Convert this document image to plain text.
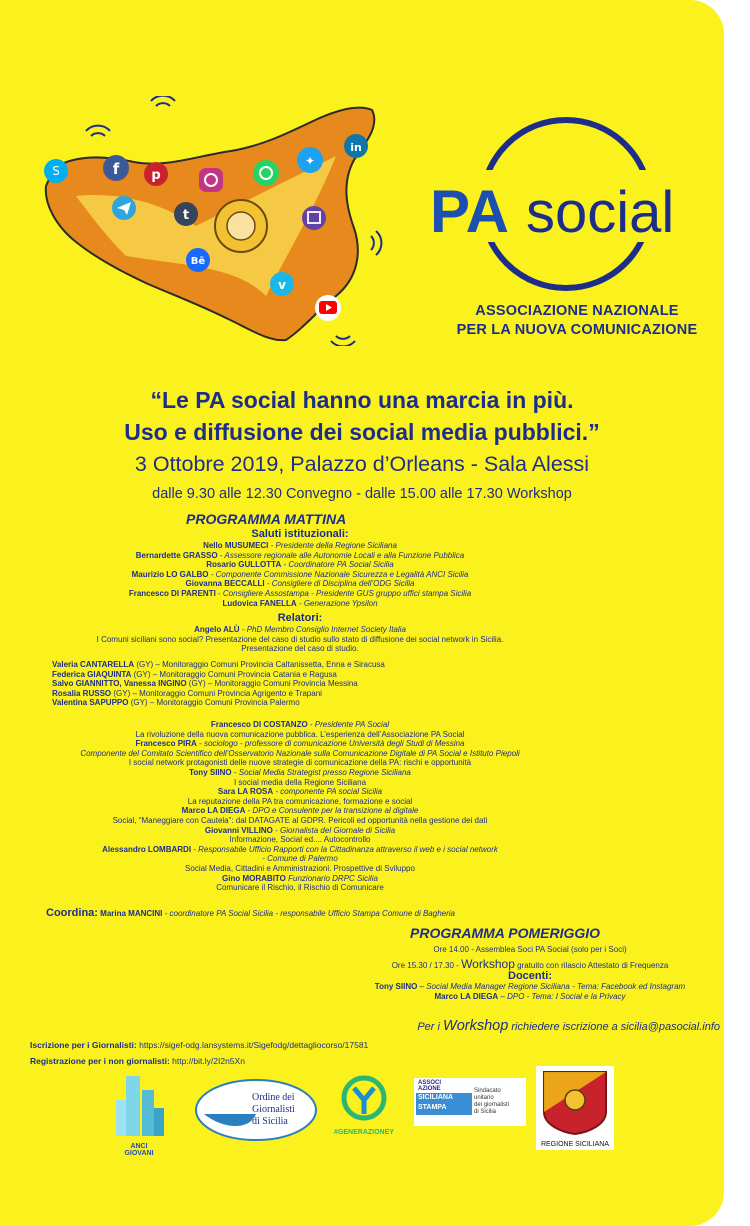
S	f p
✦
in
t
Bē
v
PA social
ASSOCIAZIONE NAZIONALE
PER LA NUOVA COMUNICAZIONE
“Le PA social hanno una marcia in più.
Uso e diffusione dei social media pubblici.”
3 Ottobre 2019, Palazzo d’Orleans - Sala Alessi
dalle 9.30 alle 12.30 Convegno - dalle 15.00 alle 17.30 Workshop
PROGRAMMA MATTINA
Saluti istituzionali:
Nello MUSUMECI - Presidente della Regione Siciliana
Bernardette GRASSO - Assessore regionale alle Autonomie Locali e alla Funzione Pubblica
Rosario GULLOTTA - Coordinatore PA Social Sicilia
Maurizio LO GALBO - Componente Commissione Nazionale Sicurezza e Legalità ANCI Sicilia
Giovanna BECCALLI - Consigliere di Disciplina dell’ODG Sicilia
Francesco DI PARENTI - Consigliere Assostampa - Presidente GUS gruppo uffici stampa Sicilia
Ludovica FANELLA - Generazione Ypsilon
Relatori:
Angelo ALÙ - PhD Membro Consiglio Internet Society Italia
I Comuni siciliani sono social? Presentazione del caso di studio sullo stato di diffusione dei social network in Sicilia.
Presentazione del caso di studio.
Valeria CANTARELLA (GY) – Monitoraggio Comuni Provincia Caltanissetta, Enna e Siracusa
Federica GIAQUINTA (GY) – Monitoraggio Comuni Provincia Catania e Ragusa
Salvo GIANNITTO, Vanessa INGINO (GY) – Monitoraggio Comuni Provincia Messina
Rosalia RUSSO (GY) – Monitoraggio Comuni Provincia Agrigento e Trapani
Valentina SAPUPPO (GY) – Monitoraggio Comuni Provincia Palermo
Francesco DI COSTANZO - Presidente PA Social
La rivoluzione della nuova comunicazione pubblica. L’esperienza dell’Associazione PA Social
Francesco PIRA - sociologo - professore di comunicazione Università degli Studi di Messina
Componente del Comitato Scientifico dell’Osservatorio Nazionale sulla Comunicazione Digitale di PA Social e Istituto Piepoli
I social network protagonisti delle nuove strategie di comunicazione della PA: rischi e opportunità
Tony SIINO - Social Media Strategist presso Regione Siciliana
I social media della Regione Siciliana
Sara LA ROSA - componente PA social Sicilia
La reputazione della PA tra comunicazione, formazione e social
Marco LA DIEGA - DPO e Consulente per la transizione al digitale
Social, “Maneggiare con Cautela”: dal DATAGATE al GDPR. Pericoli ed opportunità nella gestione dei dati
Giovanni VILLINO - Giornalista del Giornale di Sicilia
Informazione, Social ed.... Autocontrollo
Alessandro LOMBARDI - Responsabile Ufficio Rapporti con la Cittadinanza attraverso il web e i social network
- Comune di Palermo
Social Media, Cittadini e Amministrazioni. Prospettive di Sviluppo
Gino MORABITO Funzionario DRPC Sicilia
Comunicare il Rischio, il Rischio di Comunicare
Coordina: Marina MANCINI - coordinatore PA Social Sicilia - responsabile Ufficio Stampa Comune di Bagheria
PROGRAMMA POMERIGGIO
Ore 14.00 - Assemblea Soci PA Social (solo per i Soci)
Ore 15.30 / 17.30 - Workshop gratuito con rilascio Attestato di Frequenza
Docenti:
Tony SIINO – Social Media Manager Regione Siciliana - Tema: Facebook ed Instagram
Marco LA DIEGA – DPO - Tema: I Social e la Privacy
Per i Workshop richiedere iscrizione a sicilia@pasocial.info
Iscrizione per i Giornalisti: https://sigef-odg.lansystems.it/Sigefodg/dettagliocorso/17581
Registrazione per i non giornalisti: http://bit.ly/2I2n5Xn
ANCI
GIOVANI
Ordine dei
Giornalisti
di Sicilia
#GENERAZIONEY
ASSOCI
AZIONE
SICILIANA
STAMPA
Sindacato
unitario
dei giornalisti
di Sicilia
REGIONE SICILIANA
